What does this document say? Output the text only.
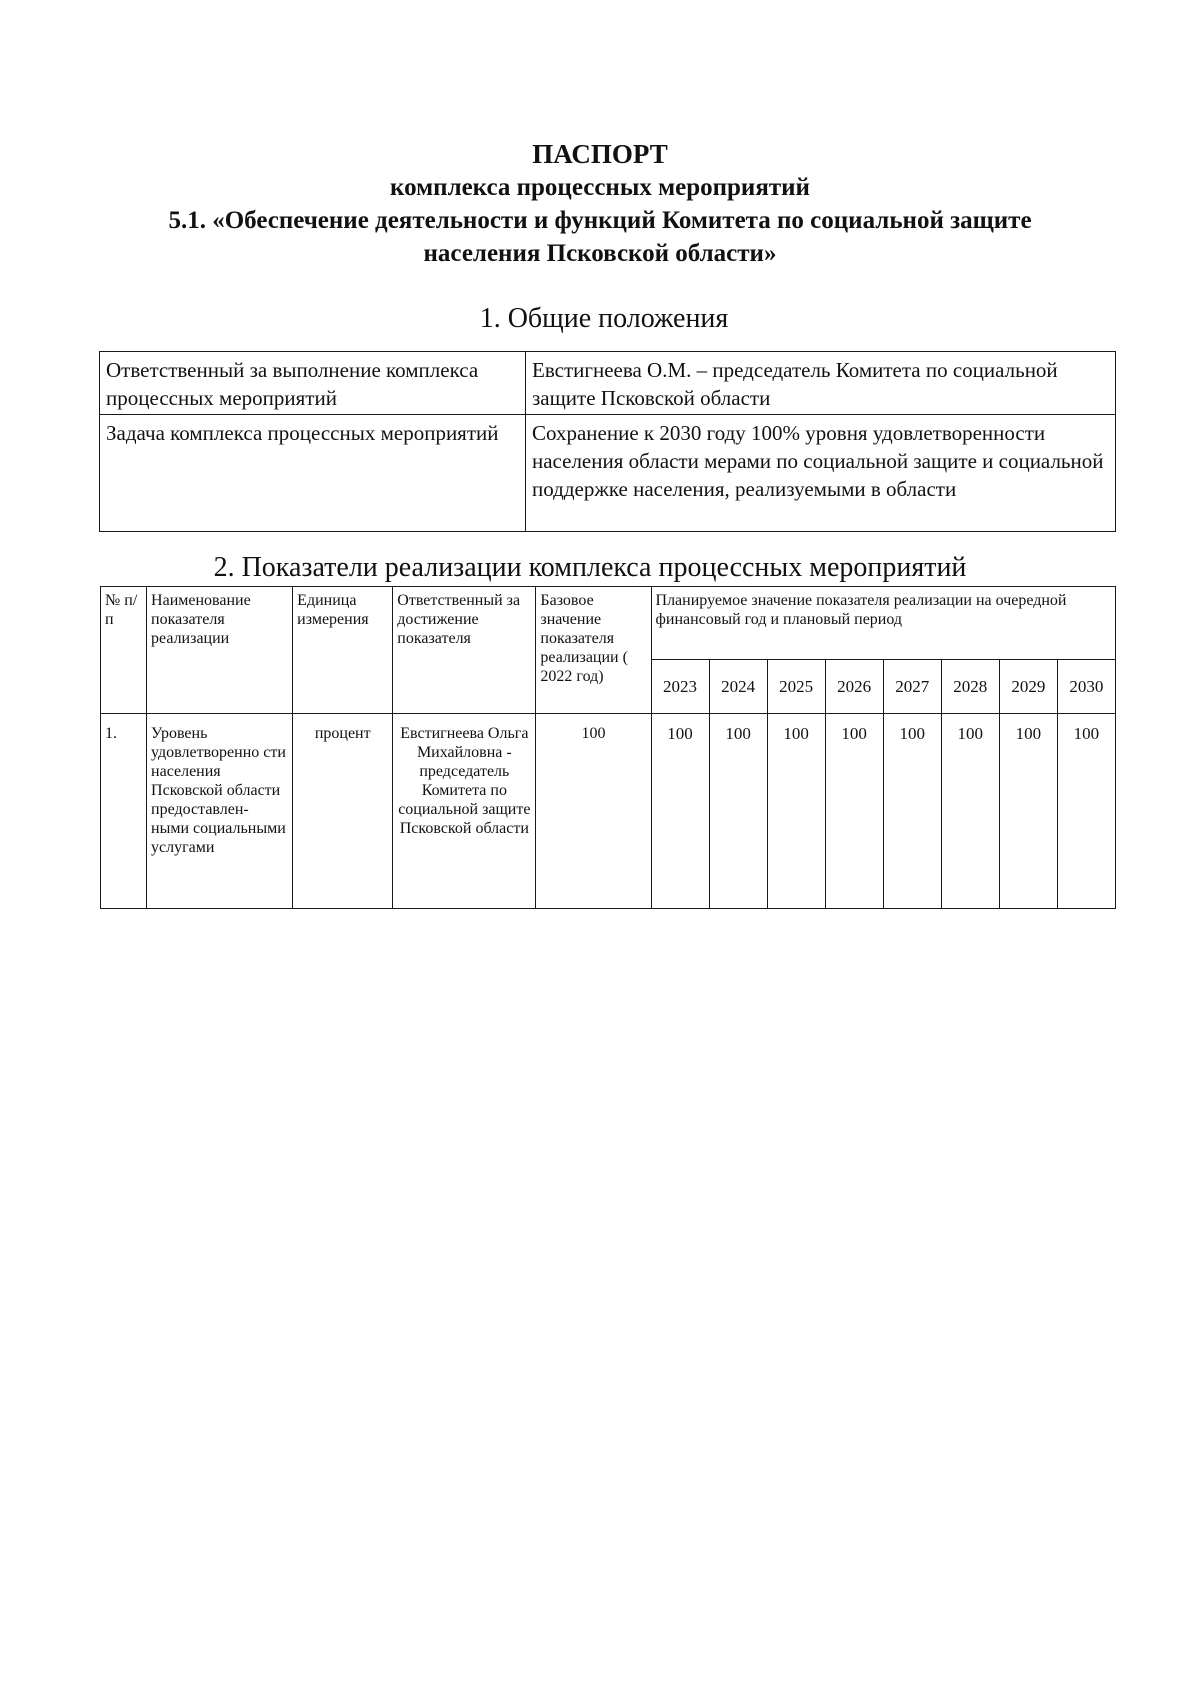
ПАСПОРТ
комплекса процессных мероприятий
5.1. «Обеспечение деятельности и функций Комитета по социальной защите
населения Псковской области»
1. Общие положения
Ответственный за выполнение комплекса процессных мероприятий	Евстигнеева О.М. – председатель Комитета по социальной защите Псковской области
Задача комплекса процессных мероприятий	Сохранение к 2030 году 100% уровня удовлетворенности населения области мерами по социальной защите и социальной поддержке населения, реализуемыми в области
2. Показатели реализации комплекса процессных мероприятий
№ п/п	Наименование показателя реализации	Единица измерения	Ответственный за достижение показателя	Базовое значение показателя реализации ( 2022 год)	Планируемое значение показателя реализации на очередной финансовый год и плановый период							
					2023	2024	2025	2026	2027	2028	2029	2030
1.	Уровень удовлетворенно сти населения Псковской области предоставлен- ными социальными услугами	процент	Евстигнеева Ольга Михайловна - председатель Комитета по социальной защите Псковской области	100	100	100	100	100	100	100	100	100
